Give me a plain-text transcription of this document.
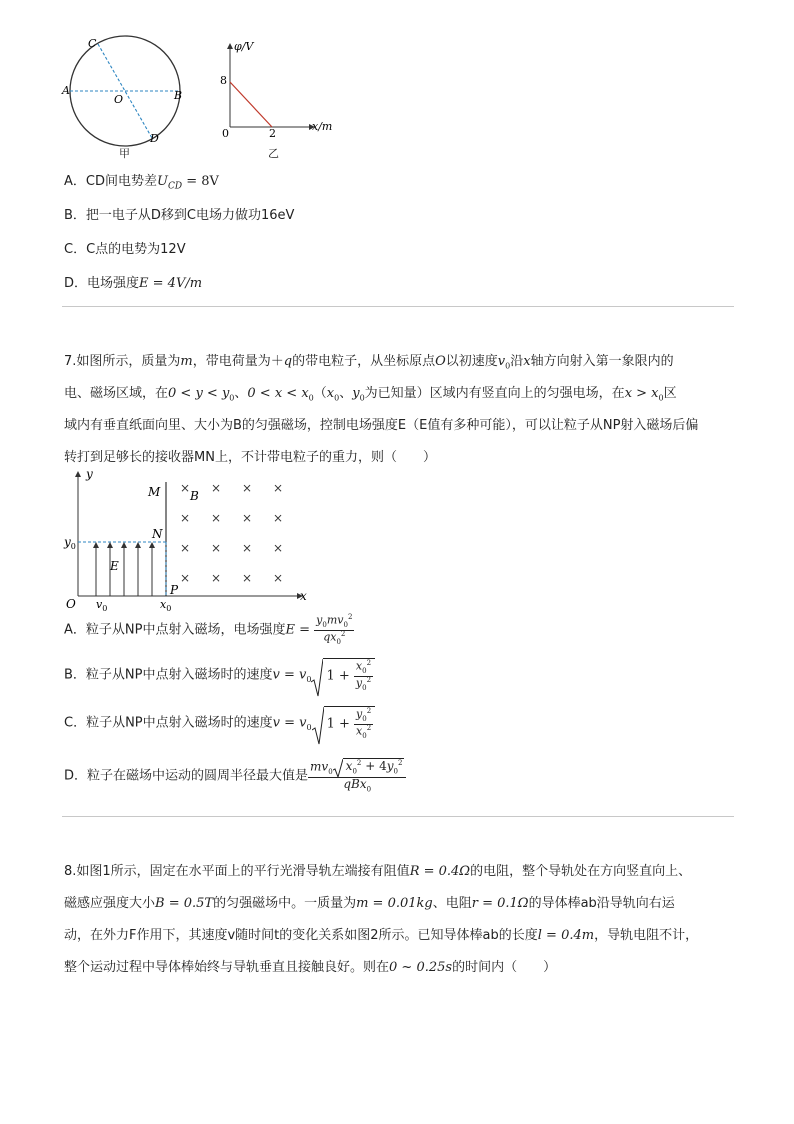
C
A
O	B
D
甲
φ/V
8
0	2
x/m
乙
A．CD间电势差$U_{CD} = 8V$
B．把一电子从D移到C电场力做功16eV
C．C点的电势为12V
D．电场强度E = 4V/m
7.如图所示，质量为m，带电荷量为＋q的带电粒子，从坐标原点O以初速度$v_0$沿x轴方向射入第一象限内的
电、磁场区域，在$0 < y < y_0$、$0 < x < x_0(x_0$、$y_0$为已知量）区域内有竖直向上的匀强电场，在$x > x_0$区
域内有垂直纸面向里、大小为B的匀强磁场，控制电场强度E（E值有多种可能），可以让粒子从NP射入磁场后偏
转打到足够长的接收器MN上，不计带电粒子的重力，则（　　）
y
x
O
M
N
P
$y_0$
E
$v_0$	$x_0$
× × × ×
× × × ×
× × × ×
× × × ×
B
A．粒子从NP中点射入磁场，电场强度$E = \frac{y_0mv_0^2}{qx_0^2}$
B．粒子从NP中点射入磁场时的速度$v = v_0$ $1 + \frac{x_0^2}{y_0^2}$
C．粒子从NP中点射入磁场时的速度$v = v_0$ $1 + \frac{y_0^2}{x_0^2}$
D．粒子在磁场中运动的圆周半径最大值是 $\frac{mv_0 x_0^2 + 4y_0^2}{qBx_0}$
8.如图1所示，固定在水平面上的平行光滑导轨左端接有阻值R = 0.4Ω的电阻，整个导轨处在方向竖直向上、
磁感应强度大小B = 0.5T的匀强磁场中。一质量为m = 0.01kg、电阻r = 0.1Ω的导体棒ab沿导轨向右运
动，在外力F作用下，其速度v随时间t的变化关系如图2所示。已知导体棒ab的长度l = 0.4m，导轨电阻不计，
整个运动过程中导体棒始终与导轨垂直且接触良好。则在0 ~ 0.25s的时间内（　　）
